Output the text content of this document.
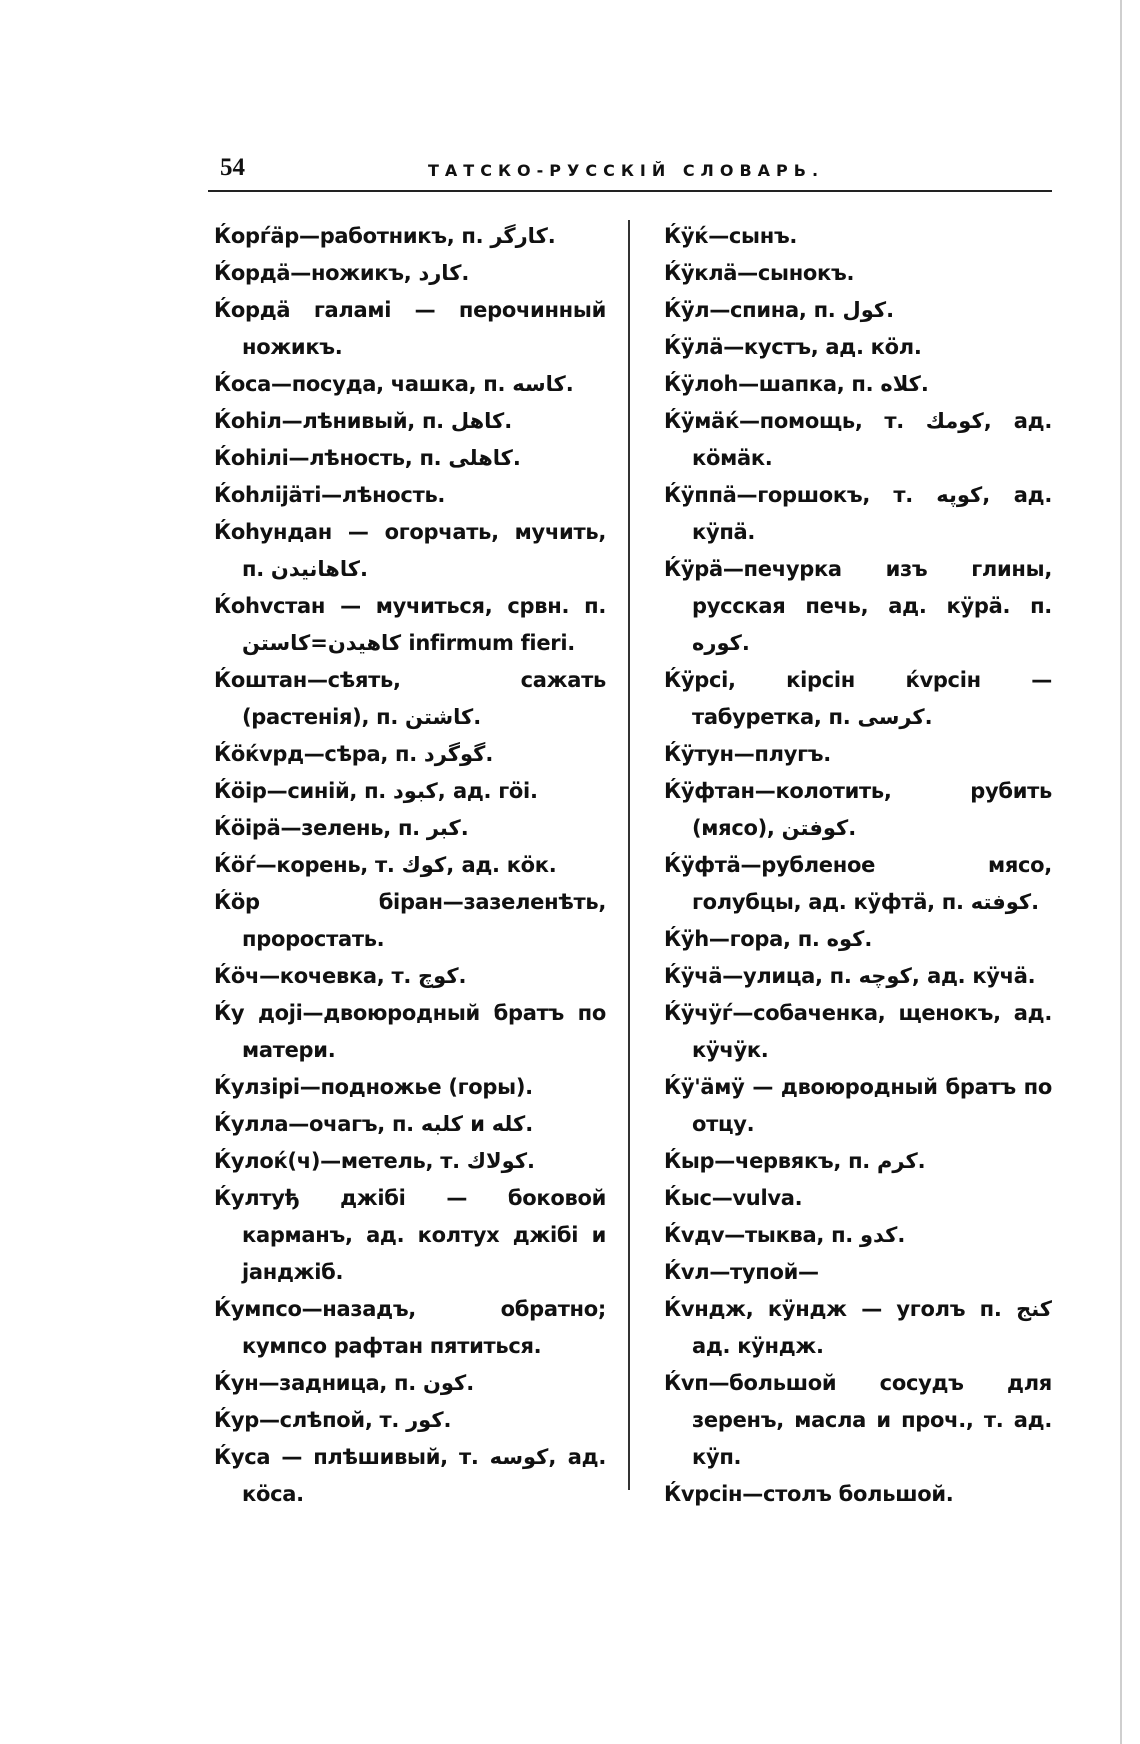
54	ТАТСКО-РУССКІЙ СЛОВАРЬ.

Ќорѓäр—работникъ, п. کارگر.

Ќордä—ножикъ, کارد.

Ќордä галамі — перочинный ножикъ.

Ќоса—посуда, чашка, п. کاسه.

Ќоhiл—лѣнивый, п. کاهل.

Ќоhілі—лѣность, п. کاهلی.

Ќоhлiјäті—лѣность.

Ќоhундан — огорчать, мучить, п. کاهانیدن.

Ќоhvстан — мучиться, срвн. п. کاهیدن=کاستن infirmum fieri.

Ќоштан—сѣять, сажать (растенія), п. کاشتن.

Ќöќvрд—сѣра, п. گوگرد.

Ќöiр—синій, п. کبود, ад. гöi.

Ќöipä—зелень, п. کبر.

Ќöѓ—корень, т. کوك, ад. кöк.

Ќöр біран—зазеленѣть, проростать.

Ќöч—кочевка, т. کوچ.

Ќу доjі—двоюродный братъ по матери.

Ќулзiрі—подножье (горы).

Ќулла—очагъ, п. کلبه и کله.

Ќулоќ(ч)—метель, т. کولاك.

Ќултуђ джібі — боковой карманъ, ад. колтух джібі и јанджіб.

Ќумпсо—назадъ, обратно; кумпсо рафтан пятиться.

Ќун—задница, п. کون.

Ќур—слѣпой, т. کور.

Ќуса — плѣшивый, т. کوسه, ад. кöса.

Ќÿќ—сынъ.

Ќÿклä—сынокъ.

Ќÿл—спина, п. کول.

Ќÿлä—кустъ, ад. кöл.

Ќÿлоh—шапка, п. کلاه.

Ќÿмäќ—помощь, т. کومك, ад. кöмäк.

Ќÿппä—горшокъ, т. کوپه, ад. кÿпä.

Ќÿрä—печурка изъ глины, русская печь, ад. кÿрä. п. کوره.

Ќÿрсі, кірсін ќvрсін — табуретка, п. کرسی.

Ќÿтун—плугъ.

Ќÿфтан—колотить, рубить (мясо), کوفتن.

Ќÿфтä—рубленое мясо, голубцы, ад. кÿфтä, п. کوفته.

Ќÿh—гора, п. کوه.

Ќÿчä—улица, п. کوچه, ад. кÿчä.

Ќÿчÿѓ—собаченка, щенокъ, ад. кÿчÿк.

Ќÿ'äмÿ — двоюродный братъ по отцу.

Ќыр—червякъ, п. کرم.

Ќыс—vulva.

Ќvдv—тыква, п. کدو.

Ќvл—тупой—

Ќvндж, кÿндж — уголъ п. کنج ад. кÿндж.

Ќvп—большой сосудъ для зеренъ, масла и проч., т. ад. кÿп.

Ќvрсін—столъ большой.
